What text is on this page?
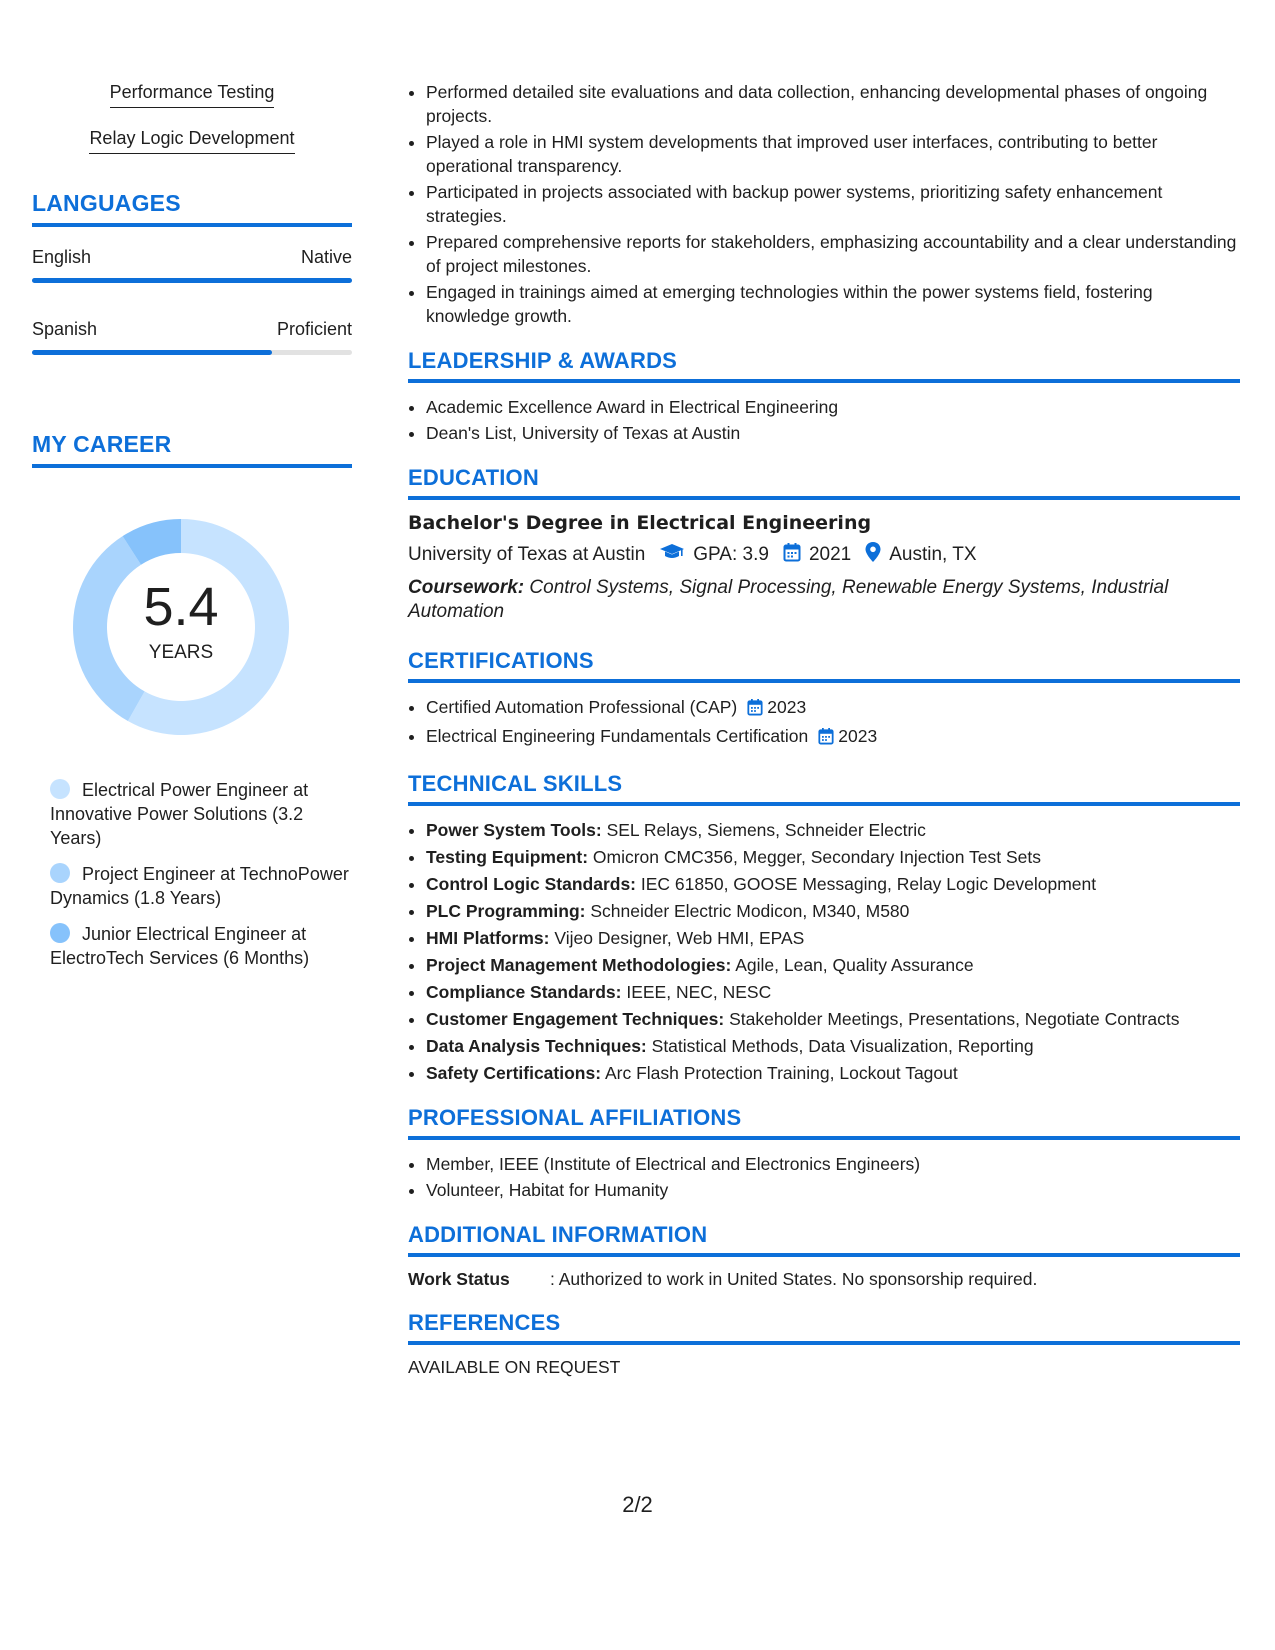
Performance Testing
Relay Logic Development
LANGUAGES
English	Native
Spanish	Proficient
MY CAREER
5.4
YEARS
Electrical Power Engineer at Innovative Power Solutions (3.2 Years)
Project Engineer at TechnoPower Dynamics (1.8 Years)
Junior Electrical Engineer at ElectroTech Services (6 Months)
• Performed detailed site evaluations and data collection, enhancing developmental phases of ongoing projects.
• Played a role in HMI system developments that improved user interfaces, contributing to better operational transparency.
• Participated in projects associated with backup power systems, prioritizing safety enhancement strategies.
• Prepared comprehensive reports for stakeholders, emphasizing accountability and a clear understanding of project milestones.
• Engaged in trainings aimed at emerging technologies within the power systems field, fostering knowledge growth.
LEADERSHIP & AWARDS
• Academic Excellence Award in Electrical Engineering
• Dean's List, University of Texas at Austin
EDUCATION
Bachelor's Degree in Electrical Engineering
University of Texas at Austin	GPA: 3.9 2021 Austin, TX
Coursework: Control Systems, Signal Processing, Renewable Energy Systems, Industrial Automation
CERTIFICATIONS
• Certified Automation Professional (CAP) 2023
• Electrical Engineering Fundamentals Certification 2023
TECHNICAL SKILLS
• Power System Tools: SEL Relays, Siemens, Schneider Electric
• Testing Equipment: Omicron CMC356, Megger, Secondary Injection Test Sets
• Control Logic Standards: IEC 61850, GOOSE Messaging, Relay Logic Development
• PLC Programming: Schneider Electric Modicon, M340, M580
• HMI Platforms: Vijeo Designer, Web HMI, EPAS
• Project Management Methodologies: Agile, Lean, Quality Assurance
• Compliance Standards: IEEE, NEC, NESC
• Customer Engagement Techniques: Stakeholder Meetings, Presentations, Negotiate Contracts
• Data Analysis Techniques: Statistical Methods, Data Visualization, Reporting
• Safety Certifications: Arc Flash Protection Training, Lockout Tagout
PROFESSIONAL AFFILIATIONS
• Member, IEEE (Institute of Electrical and Electronics Engineers)
• Volunteer, Habitat for Humanity
ADDITIONAL INFORMATION
Work Status	: Authorized to work in United States. No sponsorship required.
REFERENCES
AVAILABLE ON REQUEST
2/2
